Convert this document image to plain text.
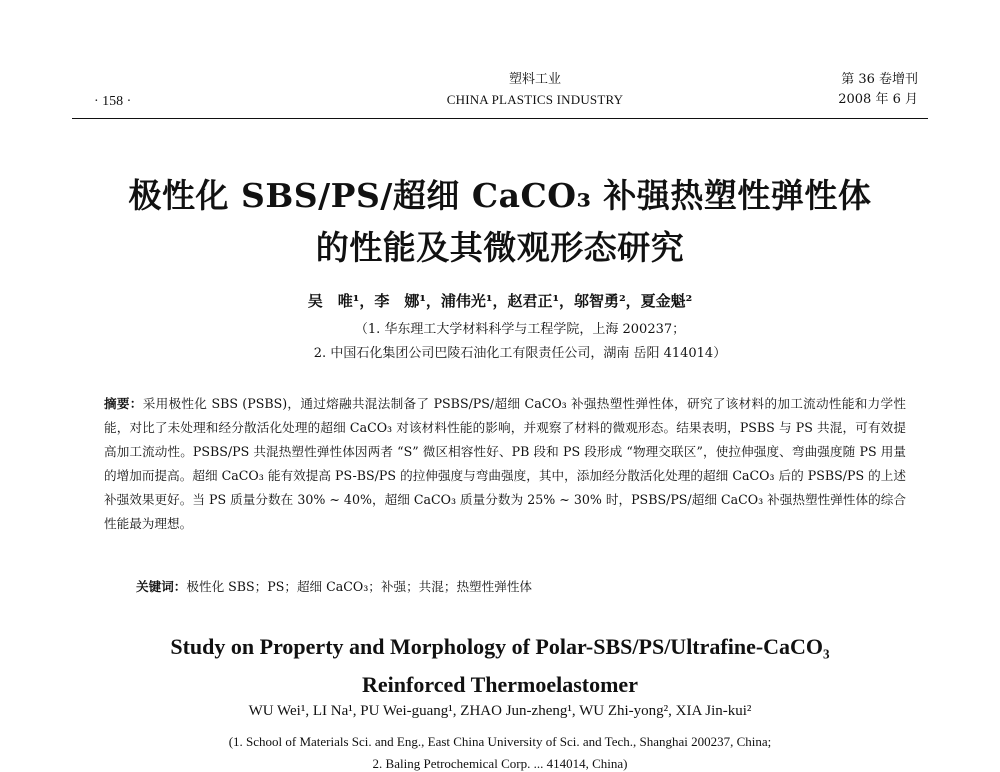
· 158 ·
塑料工业
CHINA PLASTICS INDUSTRY
第 36 卷增刊
2008 年 6 月
极性化 SBS/PS/超细 CaCO₃ 补强热塑性弹性体
的性能及其微观形态研究
吴　唯¹，李　娜¹，浦伟光¹，赵君正¹，邬智勇²，夏金魁²
（1. 华东理工大学材料科学与工程学院，上海 200237；
2. 中国石化集团公司巴陵石油化工有限责任公司，湖南 岳阳 414014）
摘要：采用极性化 SBS (PSBS)，通过熔融共混法制备了 PSBS/PS/超细 CaCO₃ 补强热塑性弹性体，研究了该材料的加工流动性能和力学性能，对比了未处理和经分散活化处理的超细 CaCO₃ 对该材料性能的影响，并观察了材料的微观形态。结果表明，PSBS 与 PS 共混，可有效提高加工流动性。PSBS/PS 共混热塑性弹性体因两者 “S” 微区相容性好、PB 段和 PS 段形成 “物理交联区”，使拉伸强度、弯曲强度随 PS 用量的增加而提高。超细 CaCO₃ 能有效提高 PS-BS/PS 的拉伸强度与弯曲强度，其中，添加经分散活化处理的超细 CaCO₃ 后的 PSBS/PS 的上述补强效果更好。当 PS 质量分数在 30% ~ 40%，超细 CaCO₃ 质量分数为 25% ~ 30% 时，PSBS/PS/超细 CaCO₃ 补强热塑性弹性体的综合性能最为理想。
关键词：极性化 SBS；PS；超细 CaCO₃；补强；共混；热塑性弹性体
Study on Property and Morphology of Polar-SBS/PS/Ultrafine-CaCO₃
Reinforced Thermoelastomer
WU Wei¹, LI Na¹, PU Wei-guang¹, ZHAO Jun-zheng¹, WU Zhi-yong², XIA Jin-kui²
(1. School of Materials Sci. and Eng., East China University of Sci. and Tech., Shanghai 200237, China;
2. Baling Petrochemical Corp. ... 414014, China)
